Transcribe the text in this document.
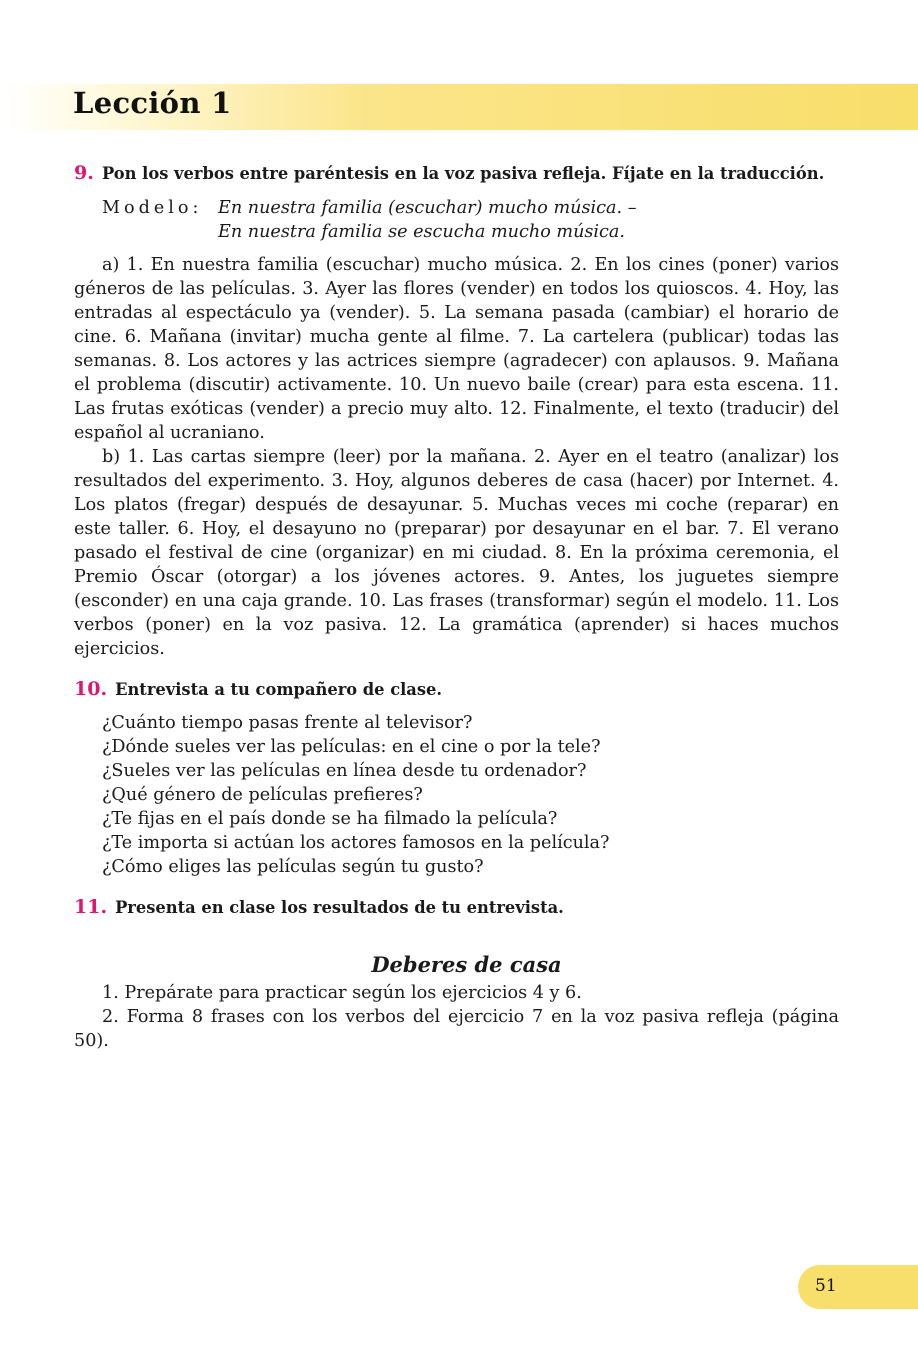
Lección 1
9. Pon los verbos entre paréntesis en la voz pasiva refleja. Fíjate en la traducción.
Modelo: En nuestra familia (escuchar) mucho música. –
En nuestra familia se escucha mucho música.

a) 1. En nuestra familia (escuchar) mucho música. 2. En los cines (poner) varios géneros de las películas. 3. Ayer las flores (vender) en todos los quioscos. 4. Hoy, las entradas al espectáculo ya (vender). 5. La semana pasada (cambiar) el horario de cine. 6. Mañana (invitar) mucha gente al filme. 7. La cartelera (publicar) todas las semanas. 8. Los actores y las actrices siempre (agradecer) con aplausos. 9. Mañana el problema (discutir) activamente. 10. Un nuevo baile (crear) para esta escena. 11. Las frutas exóticas (vender) a precio muy alto. 12. Finalmente, el texto (traducir) del español al ucraniano.

b) 1. Las cartas siempre (leer) por la mañana. 2. Ayer en el teatro (analizar) los resultados del experimento. 3. Hoy, algunos deberes de casa (hacer) por Internet. 4. Los platos (fregar) después de desayunar. 5. Muchas veces mi coche (reparar) en este taller. 6. Hoy, el desayuno no (preparar) por desayunar en el bar. 7. El verano pasado el festival de cine (organizar) en mi ciudad. 8. En la próxima ceremonia, el Premio Óscar (otorgar) a los jóvenes actores. 9. Antes, los juguetes siempre (esconder) en una caja grande. 10. Las frases (transformar) según el modelo. 11. Los verbos (poner) en la voz pasiva. 12. La gramática (aprender) si haces muchos ejercicios.

10. Entrevista a tu compañero de clase.
¿Cuánto tiempo pasas frente al televisor?
¿Dónde sueles ver las películas: en el cine o por la tele?
¿Sueles ver las películas en línea desde tu ordenador?
¿Qué género de películas prefieres?
¿Te fijas en el país donde se ha filmado la película?
¿Te importa si actúan los actores famosos en la película?
¿Cómo eliges las películas según tu gusto?
11. Presenta en clase los resultados de tu entrevista.
Deberes de casa
1. Prepárate para practicar según los ejercicios 4 y 6.
2. Forma 8 frases con los verbos del ejercicio 7 en la voz pasiva refleja (página 50).
51
